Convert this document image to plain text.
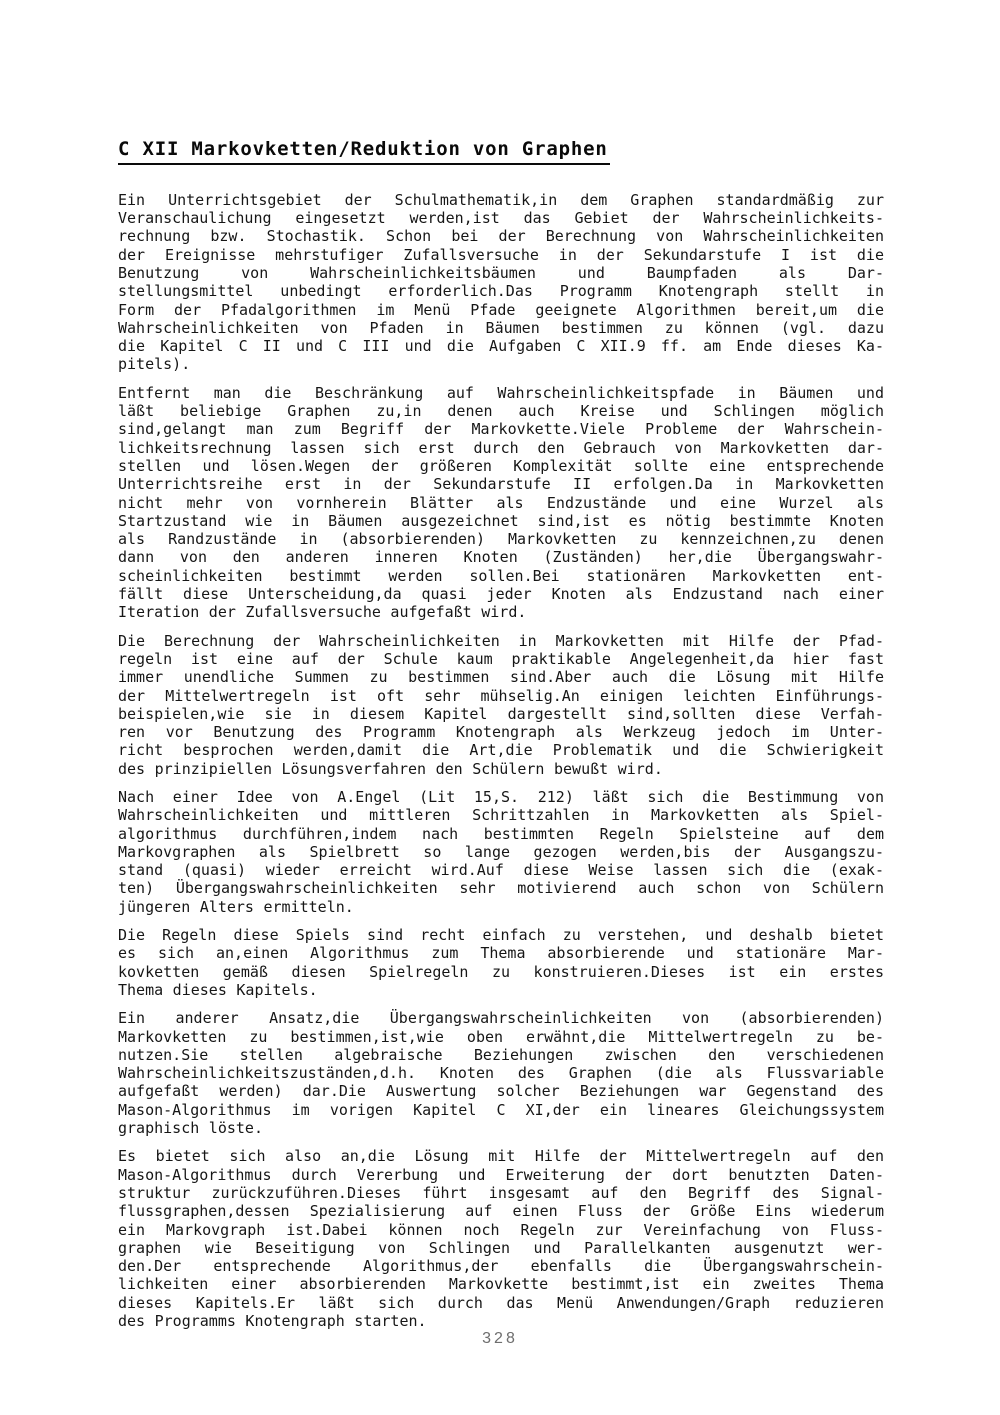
C XII Markovketten/Reduktion von Graphen
Ein Unterrichtsgebiet der Schulmathematik,in dem Graphen standardmäßig zur
Veranschaulichung eingesetzt werden,ist das Gebiet der Wahrscheinlichkeits-
rechnung bzw. Stochastik. Schon bei der Berechnung von Wahrscheinlichkeiten
der Ereignisse mehrstufiger Zufallsversuche in der Sekundarstufe I ist die
Benutzung von Wahrscheinlichkeitsbäumen und Baumpfaden als Dar-
stellungsmittel unbedingt erforderlich.Das Programm Knotengraph stellt in
Form der Pfadalgorithmen im Menü Pfade geeignete Algorithmen bereit,um die
Wahrscheinlichkeiten von Pfaden in Bäumen bestimmen zu können (vgl. dazu
die Kapitel C II und C III und die Aufgaben C XII.9 ff. am Ende dieses Ka-
pitels).
Entfernt man die Beschränkung auf Wahrscheinlichkeitspfade in Bäumen und
läßt beliebige Graphen zu,in denen auch Kreise und Schlingen möglich
sind,gelangt man zum Begriff der Markovkette.Viele Probleme der Wahrschein-
lichkeitsrechnung lassen sich erst durch den Gebrauch von Markovketten dar-
stellen und lösen.Wegen der größeren Komplexität sollte eine entsprechende
Unterrichtsreihe erst in der Sekundarstufe II erfolgen.Da in Markovketten
nicht mehr von vornherein Blätter als Endzustände und eine Wurzel als
Startzustand wie in Bäumen ausgezeichnet sind,ist es nötig bestimmte Knoten
als Randzustände in (absorbierenden) Markovketten zu kennzeichnen,zu denen
dann von den anderen inneren Knoten (Zuständen) her,die Übergangswahr-
scheinlichkeiten bestimmt werden sollen.Bei stationären Markovketten ent-
fällt diese Unterscheidung,da quasi jeder Knoten als Endzustand nach einer
Iteration der Zufallsversuche aufgefaßt wird.
Die Berechnung der Wahrscheinlichkeiten in Markovketten mit Hilfe der Pfad-
regeln ist eine auf der Schule kaum praktikable Angelegenheit,da hier fast
immer unendliche Summen zu bestimmen sind.Aber auch die Lösung mit Hilfe
der Mittelwertregeln ist oft sehr mühselig.An einigen leichten Einführungs-
beispielen,wie sie in diesem Kapitel dargestellt sind,sollten diese Verfah-
ren vor Benutzung des Programm Knotengraph als Werkzeug jedoch im Unter-
richt besprochen werden,damit die Art,die Problematik und die Schwierigkeit
des prinzipiellen Lösungsverfahren den Schülern bewußt wird.
Nach einer Idee von A.Engel (Lit 15,S. 212) läßt sich die Bestimmung von
Wahrscheinlichkeiten und mittleren Schrittzahlen in Markovketten als Spiel-
algorithmus durchführen,indem nach bestimmten Regeln Spielsteine auf dem
Markovgraphen als Spielbrett so lange gezogen werden,bis der Ausgangszu-
stand (quasi) wieder erreicht wird.Auf diese Weise lassen sich die (exak-
ten) Übergangswahrscheinlichkeiten sehr motivierend auch schon von Schülern
jüngeren Alters ermitteln.
Die Regeln diese Spiels sind recht einfach zu verstehen, und deshalb bietet
es sich an,einen Algorithmus zum Thema absorbierende und stationäre Mar-
kovketten gemäß diesen Spielregeln zu konstruieren.Dieses ist ein erstes
Thema dieses Kapitels.
Ein anderer Ansatz,die Übergangswahrscheinlichkeiten von (absorbierenden)
Markovketten zu bestimmen,ist,wie oben erwähnt,die Mittelwertregeln zu be-
nutzen.Sie stellen algebraische Beziehungen zwischen den verschiedenen
Wahrscheinlichkeitszuständen,d.h. Knoten des Graphen (die als Flussvariable
aufgefaßt werden) dar.Die Auswertung solcher Beziehungen war Gegenstand des
Mason-Algorithmus im vorigen Kapitel C XI,der ein lineares Gleichungssystem
graphisch löste.
Es bietet sich also an,die Lösung mit Hilfe der Mittelwertregeln auf den
Mason-Algorithmus durch Vererbung und Erweiterung der dort benutzten Daten-
struktur zurückzuführen.Dieses führt insgesamt auf den Begriff des Signal-
flussgraphen,dessen Spezialisierung auf einen Fluss der Größe Eins wiederum
ein Markovgraph ist.Dabei können noch Regeln zur Vereinfachung von Fluss-
graphen wie Beseitigung von Schlingen und Parallelkanten ausgenutzt wer-
den.Der entsprechende Algorithmus,der ebenfalls die Übergangswahrschein-
lichkeiten einer absorbierenden Markovkette bestimmt,ist ein zweites Thema
dieses Kapitels.Er läßt sich durch das Menü Anwendungen/Graph reduzieren
des Programms Knotengraph starten.
328
